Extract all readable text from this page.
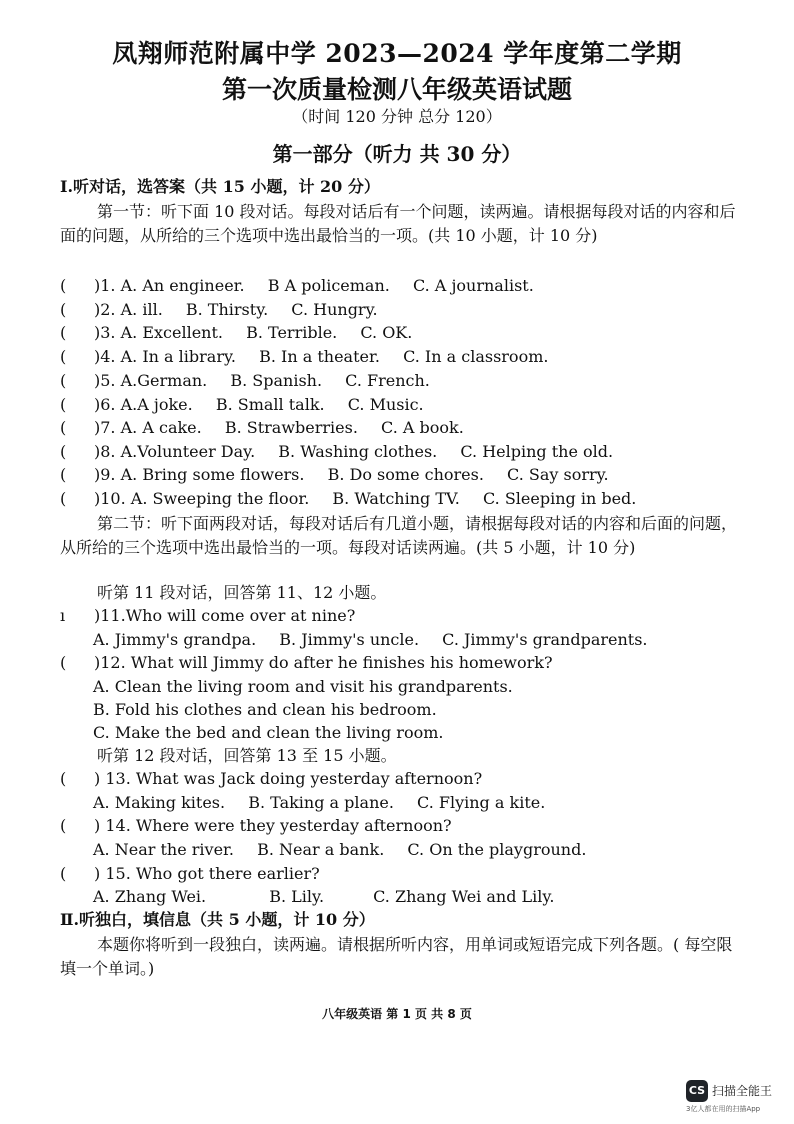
凤翔师范附属中学 2023—2024 学年度第二学期
第一次质量检测八年级英语试题
（时间 120 分钟 总分 120）
第一部分（听力 共 30 分）
Ⅰ.听对话，选答案（共 15 小题，计 20 分）
第一节：听下面 10 段对话。每段对话后有一个问题，读两遍。请根据每段对话的内容和后面的问题，从所给的三个选项中选出最恰当的一项。(共 10 小题，计 10 分)
( )1. A. An engineer. B A policeman. C. A journalist.
( )2. A. ill. B. Thirsty. C. Hungry.
( )3. A. Excellent. B. Terrible. C. OK.
( )4. A. In a library. B. In a theater. C. In a classroom.
( )5. A.German. B. Spanish. C. French.
( )6. A.A joke. B. Small talk. C. Music.
( )7. A. A cake. B. Strawberries. C. A book.
( )8. A.Volunteer Day. B. Washing clothes. C. Helping the old.
( )9. A. Bring some flowers. B. Do some chores. C. Say sorry.
( )10. A. Sweeping the floor. B. Watching TV. C. Sleeping in bed.
第二节：听下面两段对话，每段对话后有几道小题，请根据每段对话的内容和后面的问题，从所给的三个选项中选出最恰当的一项。每段对话读两遍。(共 5 小题，计 10 分)
听第 11 段对话，回答第 11、12 小题。
ı )11.Who will come over at nine?
A. Jimmy's grandpa. B. Jimmy's uncle. C. Jimmy's grandparents.
( )12. What will Jimmy do after he finishes his homework?
A. Clean the living room and visit his grandparents.
B. Fold his clothes and clean his bedroom.
C. Make the bed and clean the living room.
听第 12 段对话，回答第 13 至 15 小题。
( ) 13. What was Jack doing yesterday afternoon?
A. Making kites. B. Taking a plane. C. Flying a kite.
( ) 14. Where were they yesterday afternoon?
A. Near the river. B. Near a bank. C. On the playground.
( ) 15. Who got there earlier?
A. Zhang Wei.	B. Lily.	C. Zhang Wei and Lily.
Ⅱ.听独白，填信息（共 5 小题，计 10 分）
本题你将听到一段独白，读两遍。请根据所听内容，用单词或短语完成下列各题。( 每空限填一个单词。)
八年级英语 第 1 页 共 8 页
CS 扫描全能王
3亿人都在用的扫描App
